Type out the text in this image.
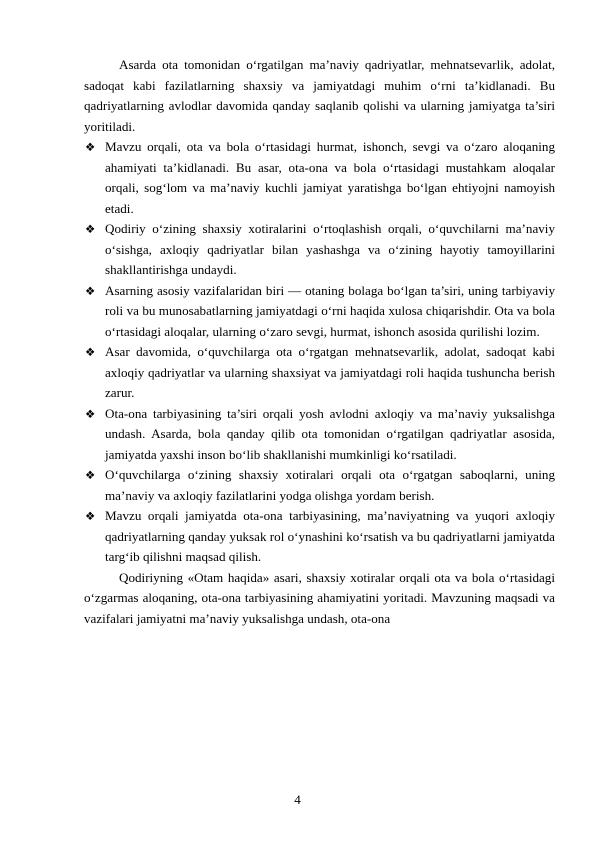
Asarda ota tomonidan o‘rgatilgan ma’naviy qadriyatlar, mehnatsevarlik, adolat, sadoqat kabi fazilatlarning shaxsiy va jamiyatdagi muhim o‘rni ta’kidlanadi. Bu qadriyatlarning avlodlar davomida qanday saqlanib qolishi va ularning jamiyatga ta’siri yoritiladi.

❖ Mavzu orqali, ota va bola o‘rtasidagi hurmat, ishonch, sevgi va o‘zaro aloqaning ahamiyati ta’kidlanadi. Bu asar, ota-ona va bola o‘rtasidagi mustahkam aloqalar orqali, sog‘lom va ma’naviy kuchli jamiyat yaratishga bo‘lgan ehtiyojni namoyish etadi.
❖ Qodiriy o‘zining shaxsiy xotiralarini o‘rtoqlashish orqali, o‘quvchilarni ma’naviy o‘sishga, axloqiy qadriyatlar bilan yashashga va o‘zining hayotiy tamoyillarini shakllantirishga undaydi.
❖ Asarning asosiy vazifalaridan biri — otaning bolaga bo‘lgan ta’siri, uning tarbiyaviy roli va bu munosabatlarning jamiyatdagi o‘rni haqida xulosa chiqarishdir. Ota va bola o‘rtasidagi aloqalar, ularning o‘zaro sevgi, hurmat, ishonch asosida qurilishi lozim.
❖ Asar davomida, o‘quvchilarga ota o‘rgatgan mehnatsevarlik, adolat, sadoqat kabi axloqiy qadriyatlar va ularning shaxsiyat va jamiyatdagi roli haqida tushuncha berish zarur.
❖ Ota-ona tarbiyasining ta’siri orqali yosh avlodni axloqiy va ma’naviy yuksalishga undash. Asarda, bola qanday qilib ota tomonidan o‘rgatilgan qadriyatlar asosida, jamiyatda yaxshi inson bo‘lib shakllanishi mumkinligi ko‘rsatiladi.
❖ O‘quvchilarga o‘zining shaxsiy xotiralari orqali ota o‘rgatgan saboqlarni, uning ma’naviy va axloqiy fazilatlarini yodga olishga yordam berish.
❖ Mavzu orqali jamiyatda ota-ona tarbiyasining, ma’naviyatning va yuqori axloqiy qadriyatlarning qanday yuksak rol o‘ynashini ko‘rsatish va bu qadriyatlarni jamiyatda targ‘ib qilishni maqsad qilish.

Qodiriyning «Otam haqida» asari, shaxsiy xotiralar orqali ota va bola o‘rtasidagi o‘zgarmas aloqaning, ota-ona tarbiyasining ahamiyatini yoritadi. Mavzuning maqsadi va vazifalari jamiyatni ma’naviy yuksalishga undash, ota-ona

4
